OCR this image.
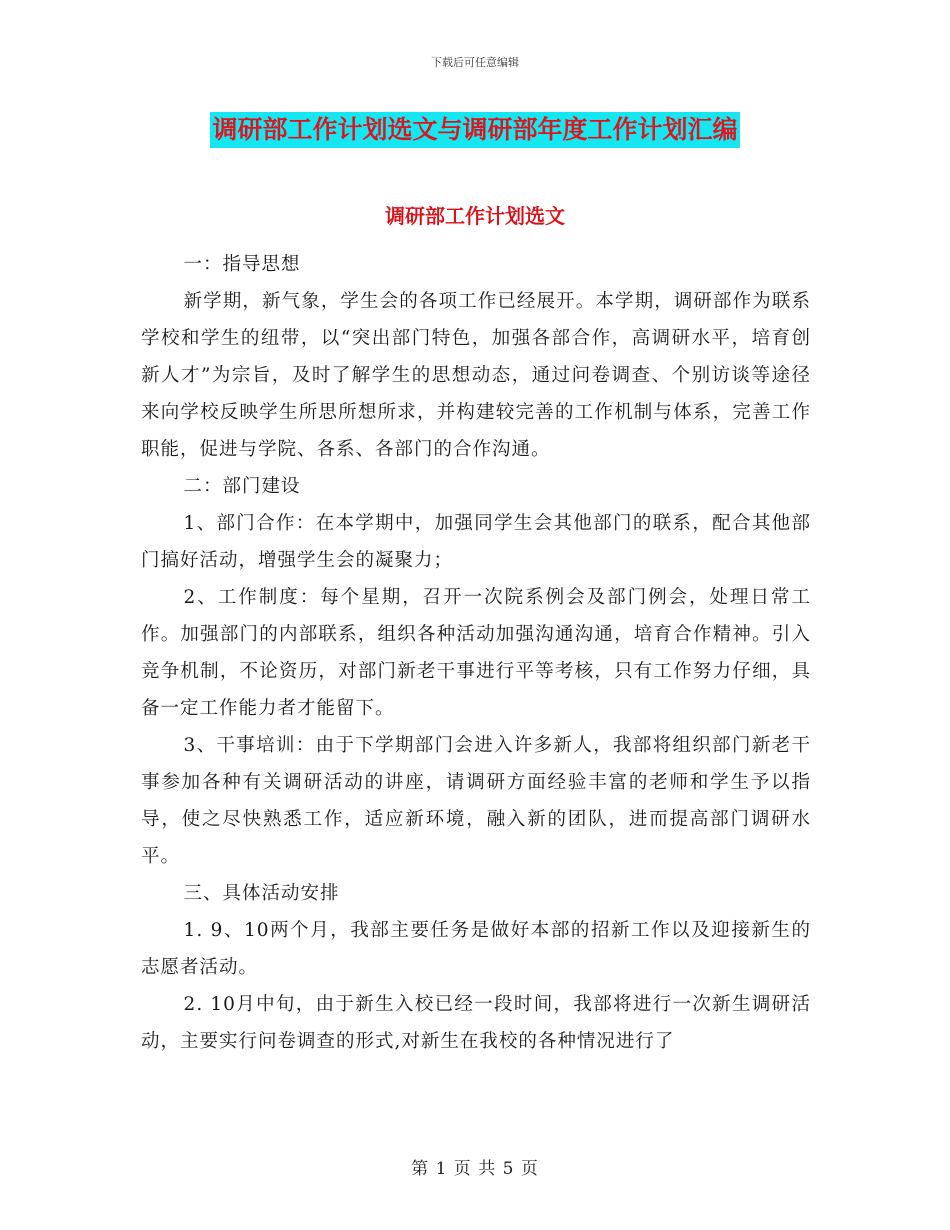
下载后可任意编辑
调研部工作计划选文与调研部年度工作计划汇编
调研部工作计划选文

一：指导思想

新学期，新气象，学生会的各项工作已经展开。本学期，调研部作为联系学校和学生的纽带，以“突出部门特色，加强各部合作，高调研水平，培育创新人才”为宗旨，及时了解学生的思想动态，通过问卷调查、个别访谈等途径来向学校反映学生所思所想所求，并构建较完善的工作机制与体系，完善工作职能，促进与学院、各系、各部门的合作沟通。

二：部门建设

1、部门合作：在本学期中，加强同学生会其他部门的联系，配合其他部门搞好活动，增强学生会的凝聚力；

2、工作制度：每个星期，召开一次院系例会及部门例会，处理日常工作。加强部门的内部联系，组织各种活动加强沟通沟通，培育合作精神。引入竞争机制，不论资历，对部门新老干事进行平等考核，只有工作努力仔细，具备一定工作能力者才能留下。

3、干事培训：由于下学期部门会进入许多新人，我部将组织部门新老干事参加各种有关调研活动的讲座，请调研方面经验丰富的老师和学生予以指导，使之尽快熟悉工作，适应新环境，融入新的团队，进而提高部门调研水平。

三、具体活动安排

1. 9、10两个月，我部主要任务是做好本部的招新工作以及迎接新生的志愿者活动。

2. 10月中旬，由于新生入校已经一段时间，我部将进行一次新生调研活动，主要实行问卷调查的形式,对新生在我校的各种情况进行了

第 1 页 共 5 页
